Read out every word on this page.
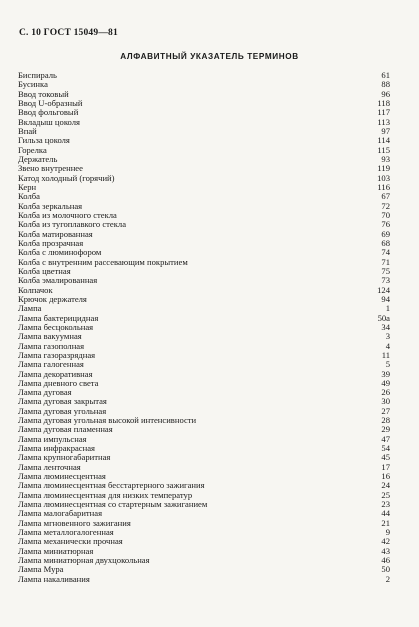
С. 10 ГОСТ 15049—81
АЛФАВИТНЫЙ УКАЗАТЕЛЬ ТЕРМИНОВ
Биспираль	61
Бусинка	88
Ввод токовый	96
Ввод U-образный	118
Ввод фольговый	117
Вкладыш цоколя	113
Впай	97
Гильза цоколя	114
Горелка	115
Держатель	93
Звено внутреннее	119
Катод холодный (горячий)	103
Керн	116
Колба	67
Колба зеркальная	72
Колба из молочного стекла	70
Колба из тугоплавкого стекла	76
Колба матированная	69
Колба прозрачная	68
Колба с люминофором	74
Колба с внутренним рассевающим покрытием	71
Колба цветная	75
Колба эмалированная	73
Колпачок	124
Крючок держателя	94
Лампа	1
Лампа бактерицидная	50а
Лампа бесцокольная	34
Лампа вакуумная	3
Лампа газополная	4
Лампа газоразрядная	11
Лампа галогенная	5
Лампа декоративная	39
Лампа дневного света	49
Лампа дуговая	26
Лампа дуговая закрытая	30
Лампа дуговая угольная	27
Лампа дуговая угольная высокой интенсивности	28
Лампа дуговая пламенная	29
Лампа импульсная	47
Лампа инфракрасная	54
Лампа крупногабаритная	45
Лампа ленточная	17
Лампа люминесцентная	16
Лампа люминесцентная бесстартерного зажигания	24
Лампа люминесцентная для низких температур	25
Лампа люминесцентная со стартерным зажиганием	23
Лампа малогабаритная	44
Лампа мгновенного зажигания	21
Лампа металлогалогенная	9
Лампа механически прочная	42
Лампа миниатюрная	43
Лампа миниатюрная двухцокольная	46
Лампа Мура	50
Лампа накаливания	2
